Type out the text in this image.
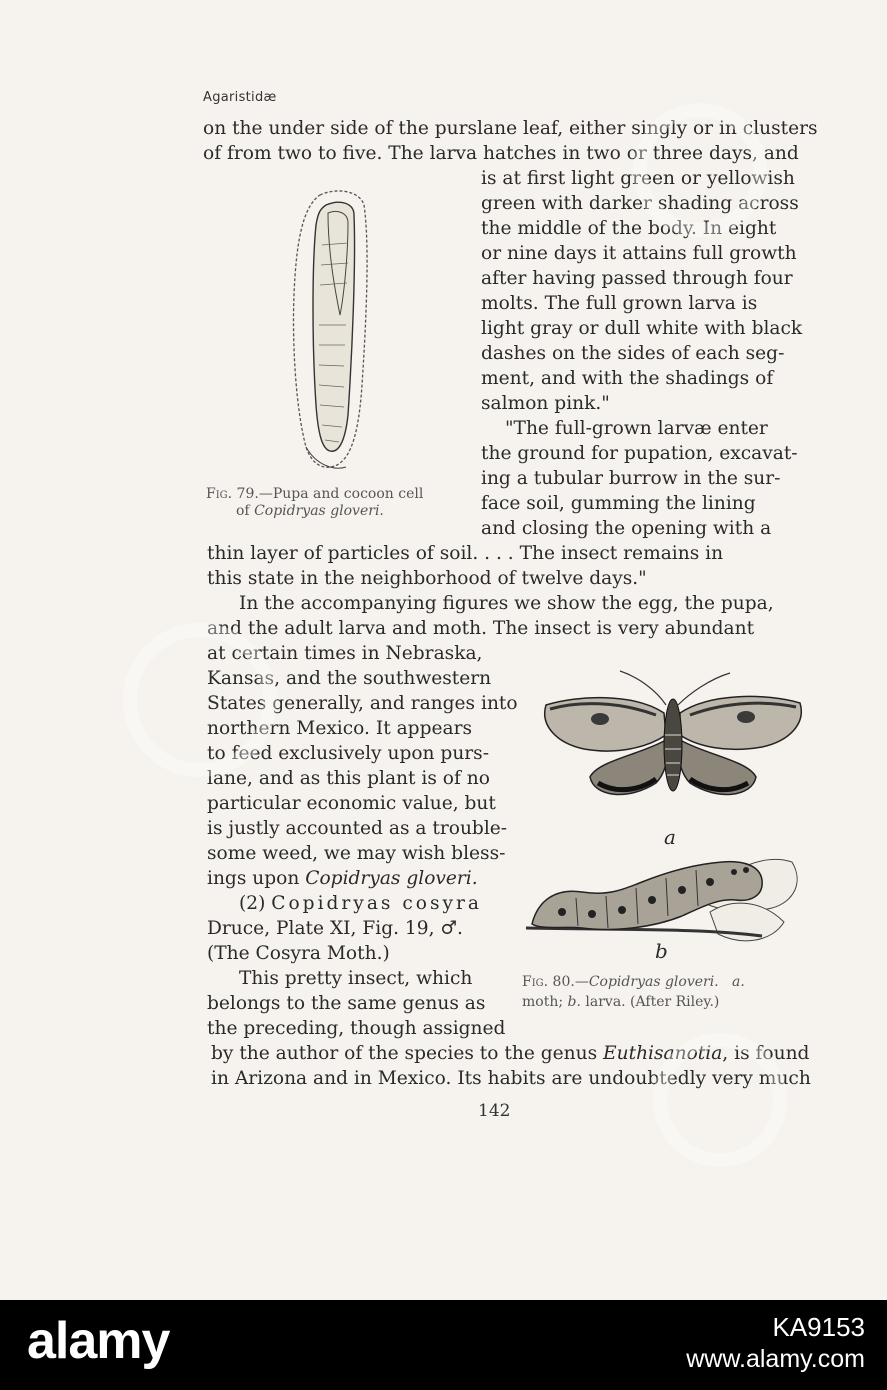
Agaristidæ
on the under side of the purslane leaf, either singly or in clusters
of from two to five. The larva hatches in two or three days, and
is at first light green or yellowish
green with darker shading across
the middle of the body. In eight
or nine days it attains full growth
after having passed through four
molts. The full grown larva is
light gray or dull white with black
dashes on the sides of each seg-
ment, and with the shadings of
salmon pink."
"The full-grown larvæ enter
the ground for pupation, excavat-
ing a tubular burrow in the sur-
face soil, gumming the lining
and closing the opening with a
Fig. 79.—Pupa and cocoon cell
of Copidryas gloveri.
thin layer of particles of soil. . . . The insect remains in
this state in the neighborhood of twelve days."
In the accompanying figures we show the egg, the pupa,
and the adult larva and moth. The insect is very abundant
at certain times in Nebraska,
Kansas, and the southwestern
States generally, and ranges into
northern Mexico. It appears
to feed exclusively upon purs-
lane, and as this plant is of no
particular economic value, but
is justly accounted as a trouble-
some weed, we may wish bless-
ings upon Copidryas gloveri.
(2) Copidryas cosyra
Druce, Plate XI, Fig. 19, ♂.
(The Cosyra Moth.)
This pretty insect, which
belongs to the same genus as
the preceding, though assigned
a
b
Fig. 80.—Copidryas gloveri. a.
moth; b. larva. (After Riley.)
by the author of the species to the genus Euthisanotia, is found
in Arizona and in Mexico. Its habits are undoubtedly very much
142
alamy	KA9153
www.alamy.com
